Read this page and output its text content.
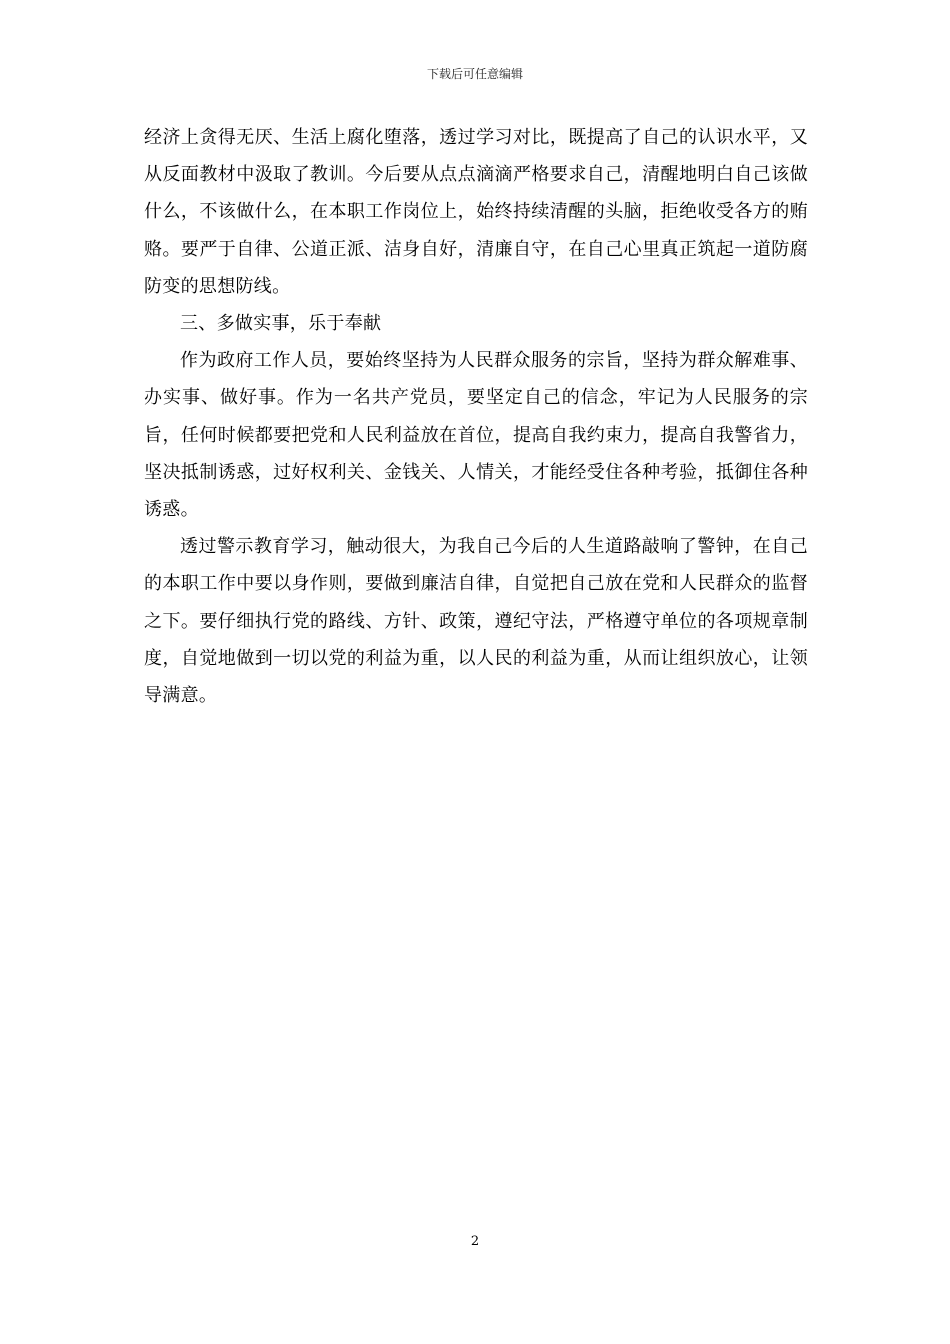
下载后可任意编辑

经济上贪得无厌、生活上腐化堕落，透过学习对比，既提高了自己的认识水平，又从反面教材中汲取了教训。今后要从点点滴滴严格要求自己，清醒地明白自己该做什么，不该做什么，在本职工作岗位上，始终持续清醒的头脑，拒绝收受各方的贿赂。要严于自律、公道正派、洁身自好，清廉自守，在自己心里真正筑起一道防腐防变的思想防线。

三、多做实事，乐于奉献

作为政府工作人员，要始终坚持为人民群众服务的宗旨，坚持为群众解难事、办实事、做好事。作为一名共产党员，要坚定自己的信念，牢记为人民服务的宗旨，任何时候都要把党和人民利益放在首位，提高自我约束力，提高自我警省力，坚决抵制诱惑，过好权利关、金钱关、人情关，才能经受住各种考验，抵御住各种诱惑。

透过警示教育学习，触动很大，为我自己今后的人生道路敲响了警钟，在自己的本职工作中要以身作则，要做到廉洁自律，自觉把自己放在党和人民群众的监督之下。要仔细执行党的路线、方针、政策，遵纪守法，严格遵守单位的各项规章制度，自觉地做到一切以党的利益为重，以人民的利益为重，从而让组织放心，让领导满意。

2
